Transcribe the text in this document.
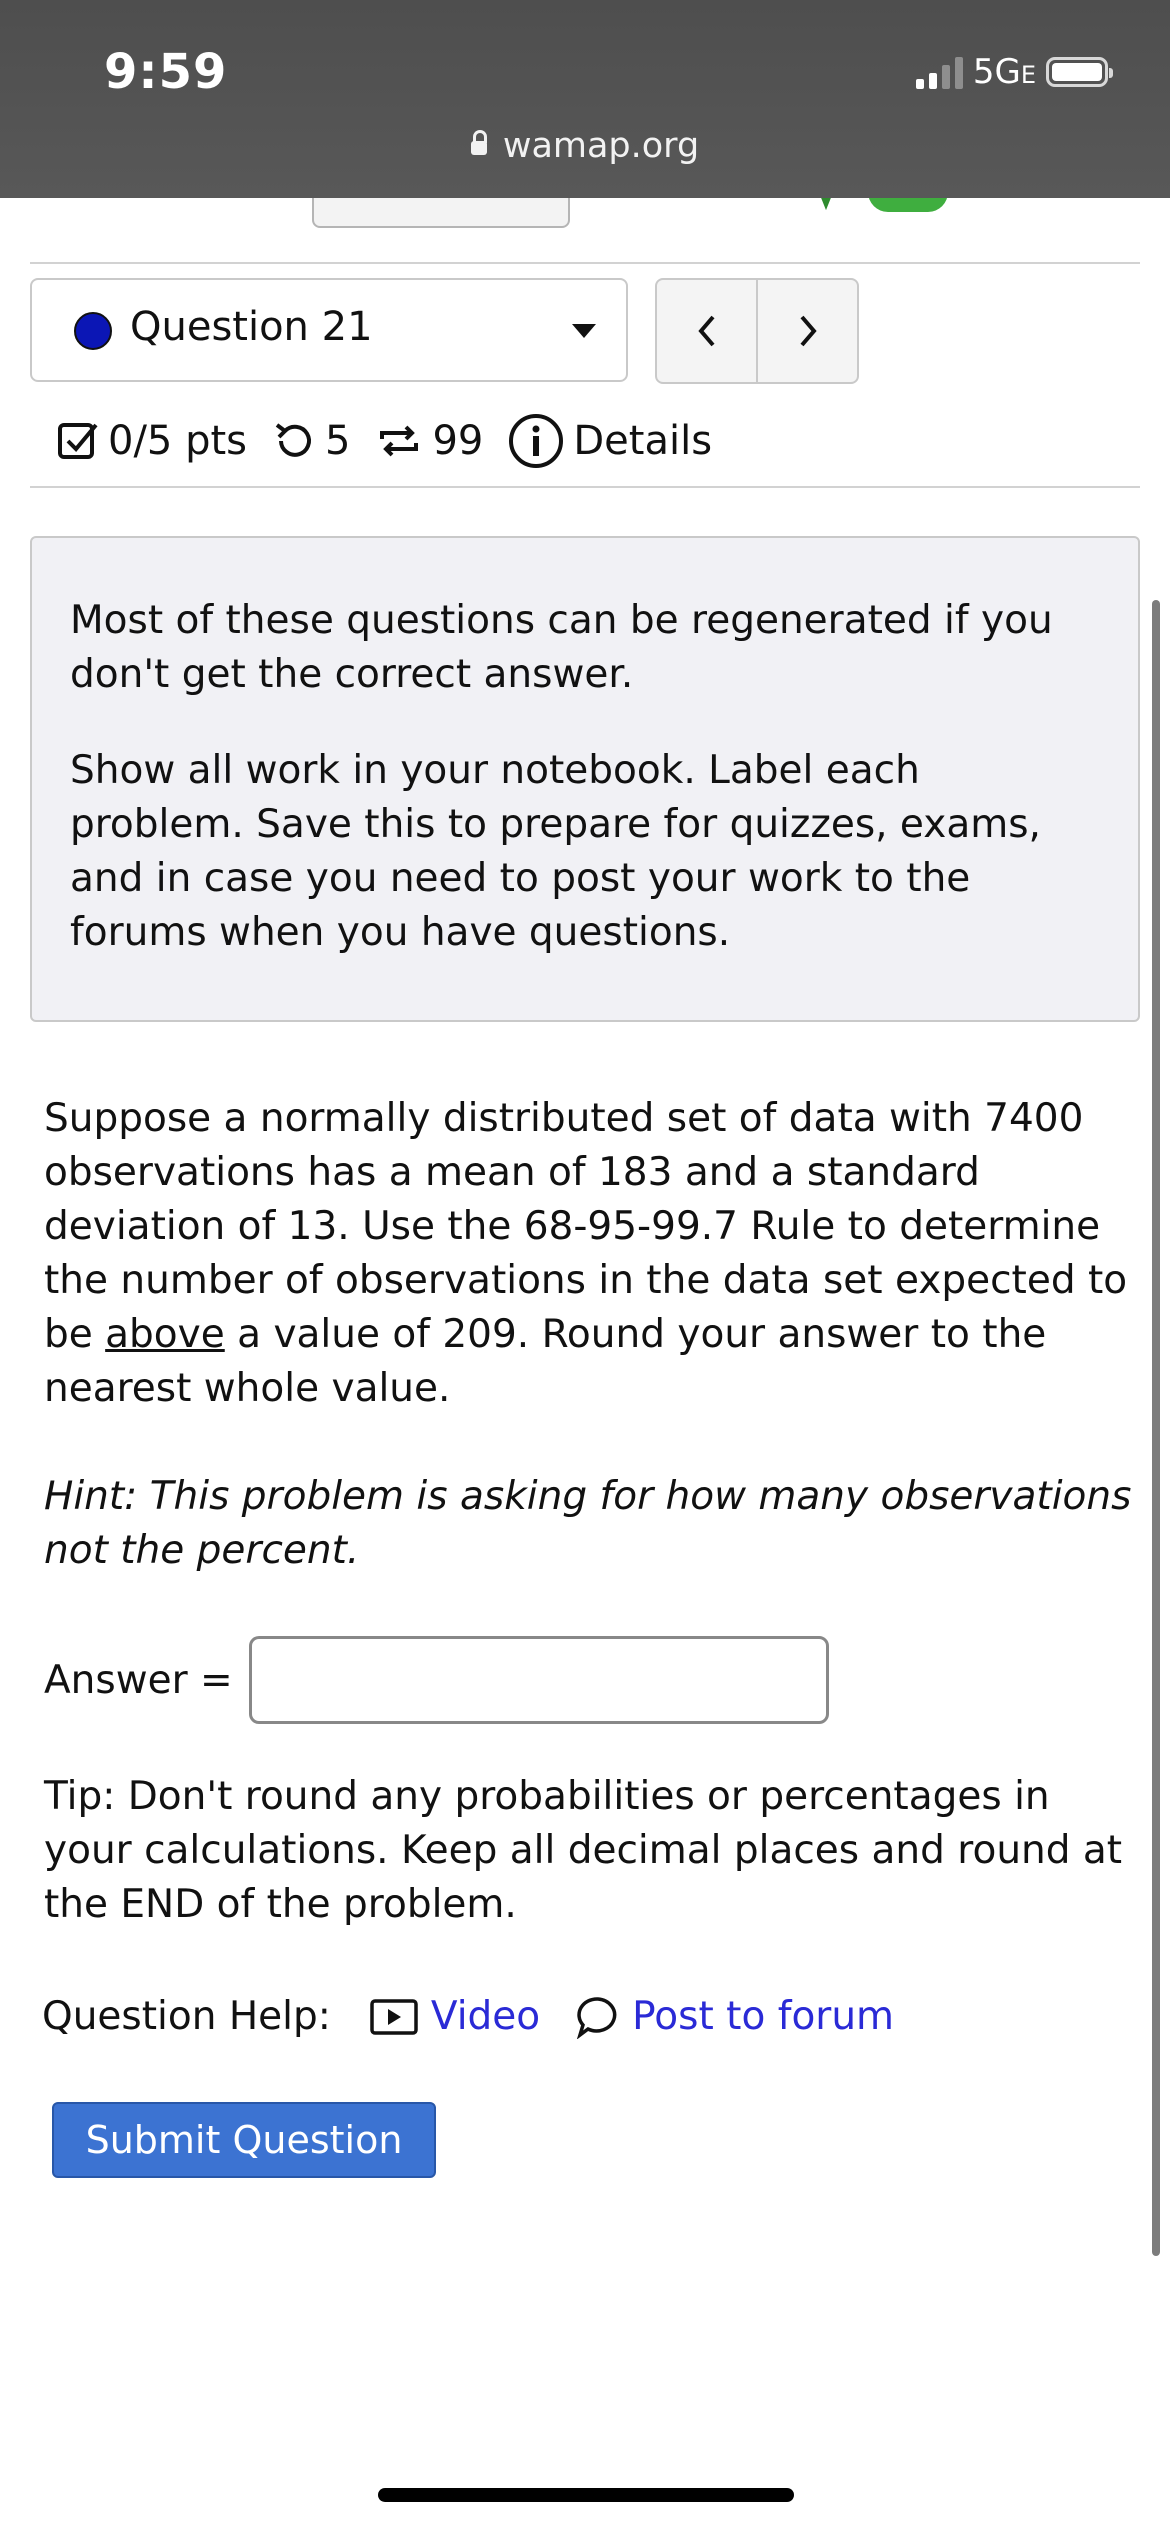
9:59	5GE
wamap.org
Question 21
0/5 pts 5 99 Details

Most of these questions can be regenerated if you don't get the correct answer.

Show all work in your notebook. Label each problem. Save this to prepare for quizzes, exams, and in case you need to post your work to the forums when you have questions.

Suppose a normally distributed set of data with 7400 observations has a mean of 183 and a standard deviation of 13. Use the 68-95-99.7 Rule to determine the number of observations in the data set expected to be above a value of 209. Round your answer to the nearest whole value.

Hint: This problem is asking for how many observations not the percent.

Answer =
Tip: Don't round any probabilities or percentages in your calculations. Keep all decimal places and round at the END of the problem.
Question Help:	Video Post to forum
Submit Question
